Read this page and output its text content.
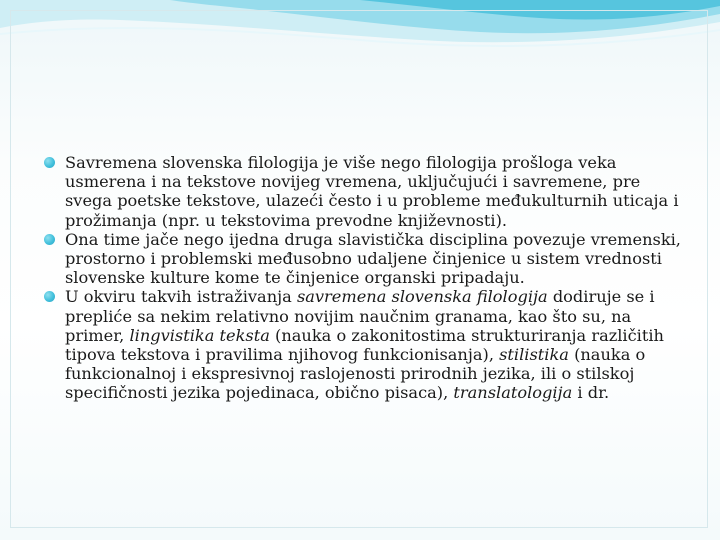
Savremena slovenska filologija je više nego filologija prošloga veka usmerena i na tekstove novijeg vremena, uključujući i savremene, pre svega poetske tekstove, ulazeći često i u probleme međukulturnih uticaja i prožimanja (npr. u tekstovima prevodne književnosti).
Ona time jače nego ijedna druga slavistička disciplina povezuje vremenski, prostorno i problemski međusobno udaljene činjenice u sistem vrednosti slovenske kulture kome te činjenice organski pripadaju.
U okviru takvih istraživanja savremena slovenska filologija dodiruje se i preplić‌e sa nekim relativno novijim naučnim granama, kao što su, na primer, lingvistika teksta (nauka o zakonitostima strukturiranja različitih tipova tekstova i pravilima njihovog funkcionisanja), stilistika (nauka o funkcionalnoj i ekspresivnoj raslojenosti prirodnih jezika, ili o stilskoj specifičnosti jezika pojedinaca, obično pisaca), translatologija i dr.
